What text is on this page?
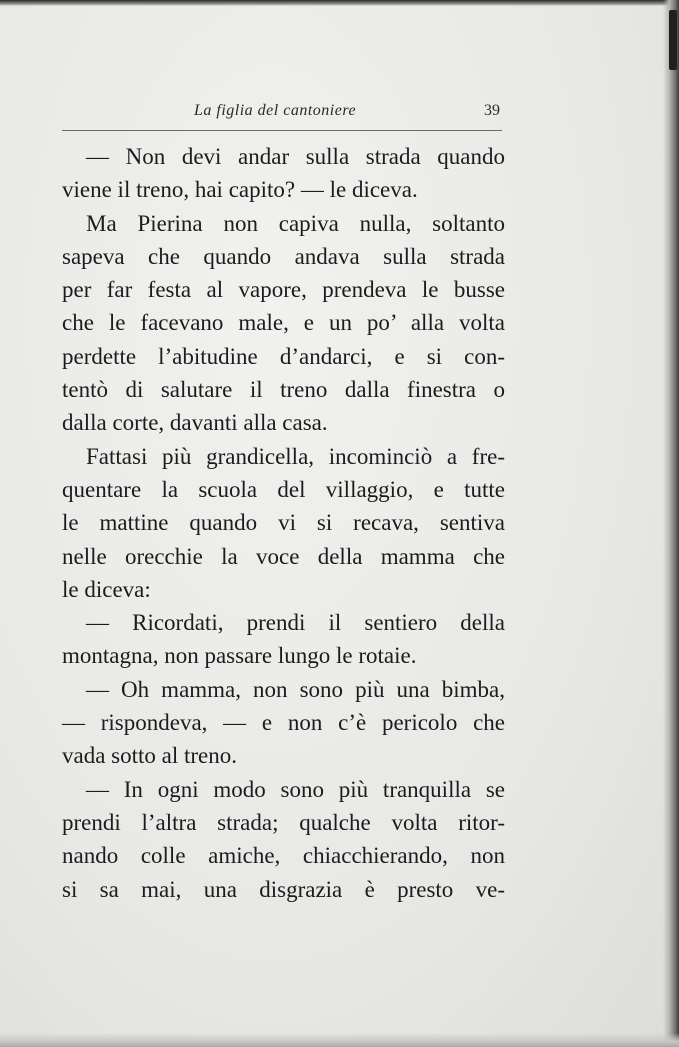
La figlia del cantoniere	39
— Non devi andar sulla strada quando
viene il treno, hai capito? — le diceva.
Ma Pierina non capiva nulla, soltanto
sapeva che quando andava sulla strada
per far festa al vapore, prendeva le busse
che le facevano male, e un po’ alla volta
perdette l’abitudine d’andarci, e si con-
tentò di salutare il treno dalla finestra o
dalla corte, davanti alla casa.
Fattasi più grandicella, incominciò a fre-
quentare la scuola del villaggio, e tutte
le mattine quando vi si recava, sentiva
nelle orecchie la voce della mamma che
le diceva:
— Ricordati, prendi il sentiero della
montagna, non passare lungo le rotaie.
— Oh mamma, non sono più una bimba,
— rispondeva, — e non c’è pericolo che
vada sotto al treno.
— In ogni modo sono più tranquilla se
prendi l’altra strada; qualche volta ritor-
nando colle amiche, chiacchierando, non
si sa mai, una disgrazia è presto ve-
